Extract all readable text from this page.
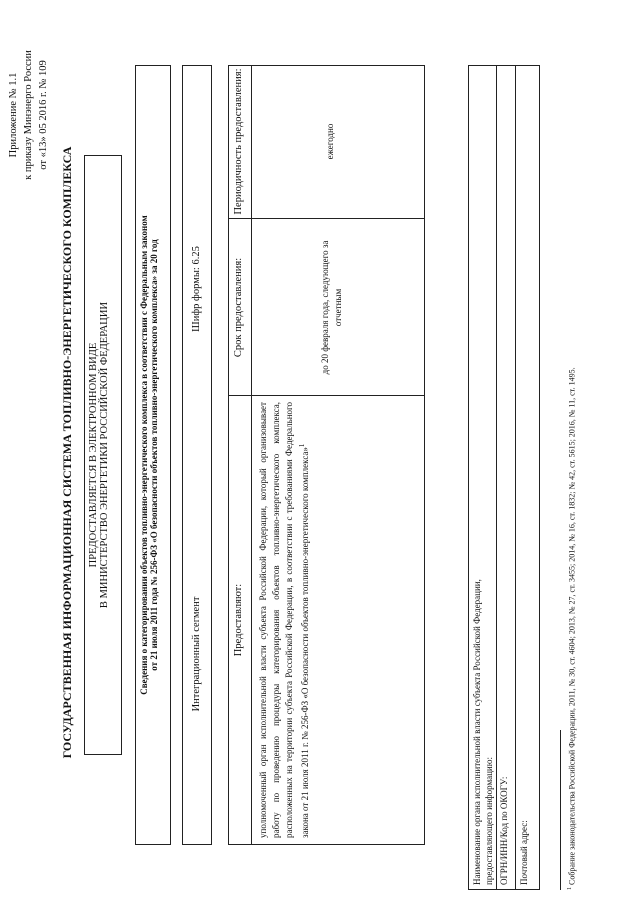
Приложение № 1.1 к приказу Минэнерго России от «13» 05 2016 г. № 109
ГОСУДАРСТВЕННАЯ ИНФОРМАЦИОННАЯ СИСТЕМА ТОПЛИВНО-ЭНЕРГЕТИЧЕСКОГО КОМПЛЕКСА ПРЕДОСТАВЛЯЕТСЯ В ЭЛЕКТРОННОМ ВИДЕ В МИНИСТЕРСТВО ЭНЕРГЕТИКИ РОССИЙСКОЙ ФЕДЕРАЦИИ	Сведения о категорировании объектов топливно-энергетического комплекса в соответствии с Федеральным законом от 21 июля 2011 года № 256-ФЗ «О безопасности объектов топливно-энергетического комплекса» за 20 год	Интеграционный сегмент
Шифр формы: 6.25
Предоставляют:
Срок предоставления:
Периодичность предоставления:
уполномоченный орган исполнительной власти субъекта Российской Федерации, который организовывает работу по проведению процедуры категорирования объектов топливно-энергетического комплекса, расположенных на территории субъекта Российской Федерации, в соответствии с требованиями Федерального закона от 21 июля 2011 г. № 256-ФЗ «О безопасности объектов топливно-энергетического комплекса»$^1$
до 20 февраля года, следующего за отчетным
ежегодно
Наименование органа исполнительной власти субъекта Российской Федерации, предоставляющего информацию: ОГРН/ИНН/Код по ОКОГУ: Почтовый адрес:
$^1$ Собрание законодательства Российской Федерации, 2011, № 30, ст. 4604; 2013, № 27, ст. 3455; 2014, № 16, ст. 1832; № 42, ст. 5615; 2016, № 11, ст. 1495.
